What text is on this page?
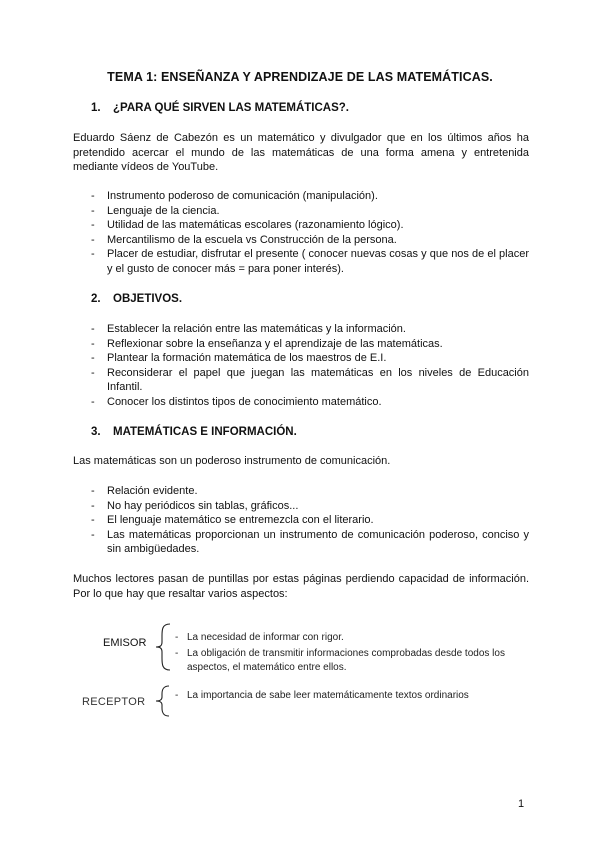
TEMA 1: ENSEÑANZA Y APRENDIZAJE DE LAS MATEMÁTICAS.
1. ¿PARA QUÉ SIRVEN LAS MATEMÁTICAS?.
Eduardo Sáenz de Cabezón es un matemático y divulgador que en los últimos años ha pretendido acercar el mundo de las matemáticas de una forma amena y entretenida mediante vídeos de YouTube.
- Instrumento poderoso de comunicación (manipulación).
- Lenguaje de la ciencia.
- Utilidad de las matemáticas escolares (razonamiento lógico).
- Mercantilismo de la escuela vs Construcción de la persona.
- Placer de estudiar, disfrutar el presente ( conocer nuevas cosas y que nos de el placer y el gusto de conocer más = para poner interés).
2. OBJETIVOS.
- Establecer la relación entre las matemáticas y la información.
- Reflexionar sobre la enseñanza y el aprendizaje de las matemáticas.
- Plantear la formación matemática de los maestros de E.I.
- Reconsiderar el papel que juegan las matemáticas en los niveles de Educación Infantil.
- Conocer los distintos tipos de conocimiento matemático.
3. MATEMÁTICAS E INFORMACIÓN.
Las matemáticas son un poderoso instrumento de comunicación.
- Relación evidente.
- No hay periódicos sin tablas, gráficos...
- El lenguaje matemático se entremezcla con el literario.
- Las matemáticas proporcionan un instrumento de comunicación poderoso, conciso y sin ambigüedades.
Muchos lectores pasan de puntillas por estas páginas perdiendo capacidad de información. Por lo que hay que resaltar varios aspectos:
EMISOR	- La necesidad de informar con rigor.
- La obligación de transmitir informaciones comprobadas desde todos los aspectos, el matemático entre ellos.
RECEPTOR
- La importancia de sabe leer matemáticamente textos ordinarios
1
